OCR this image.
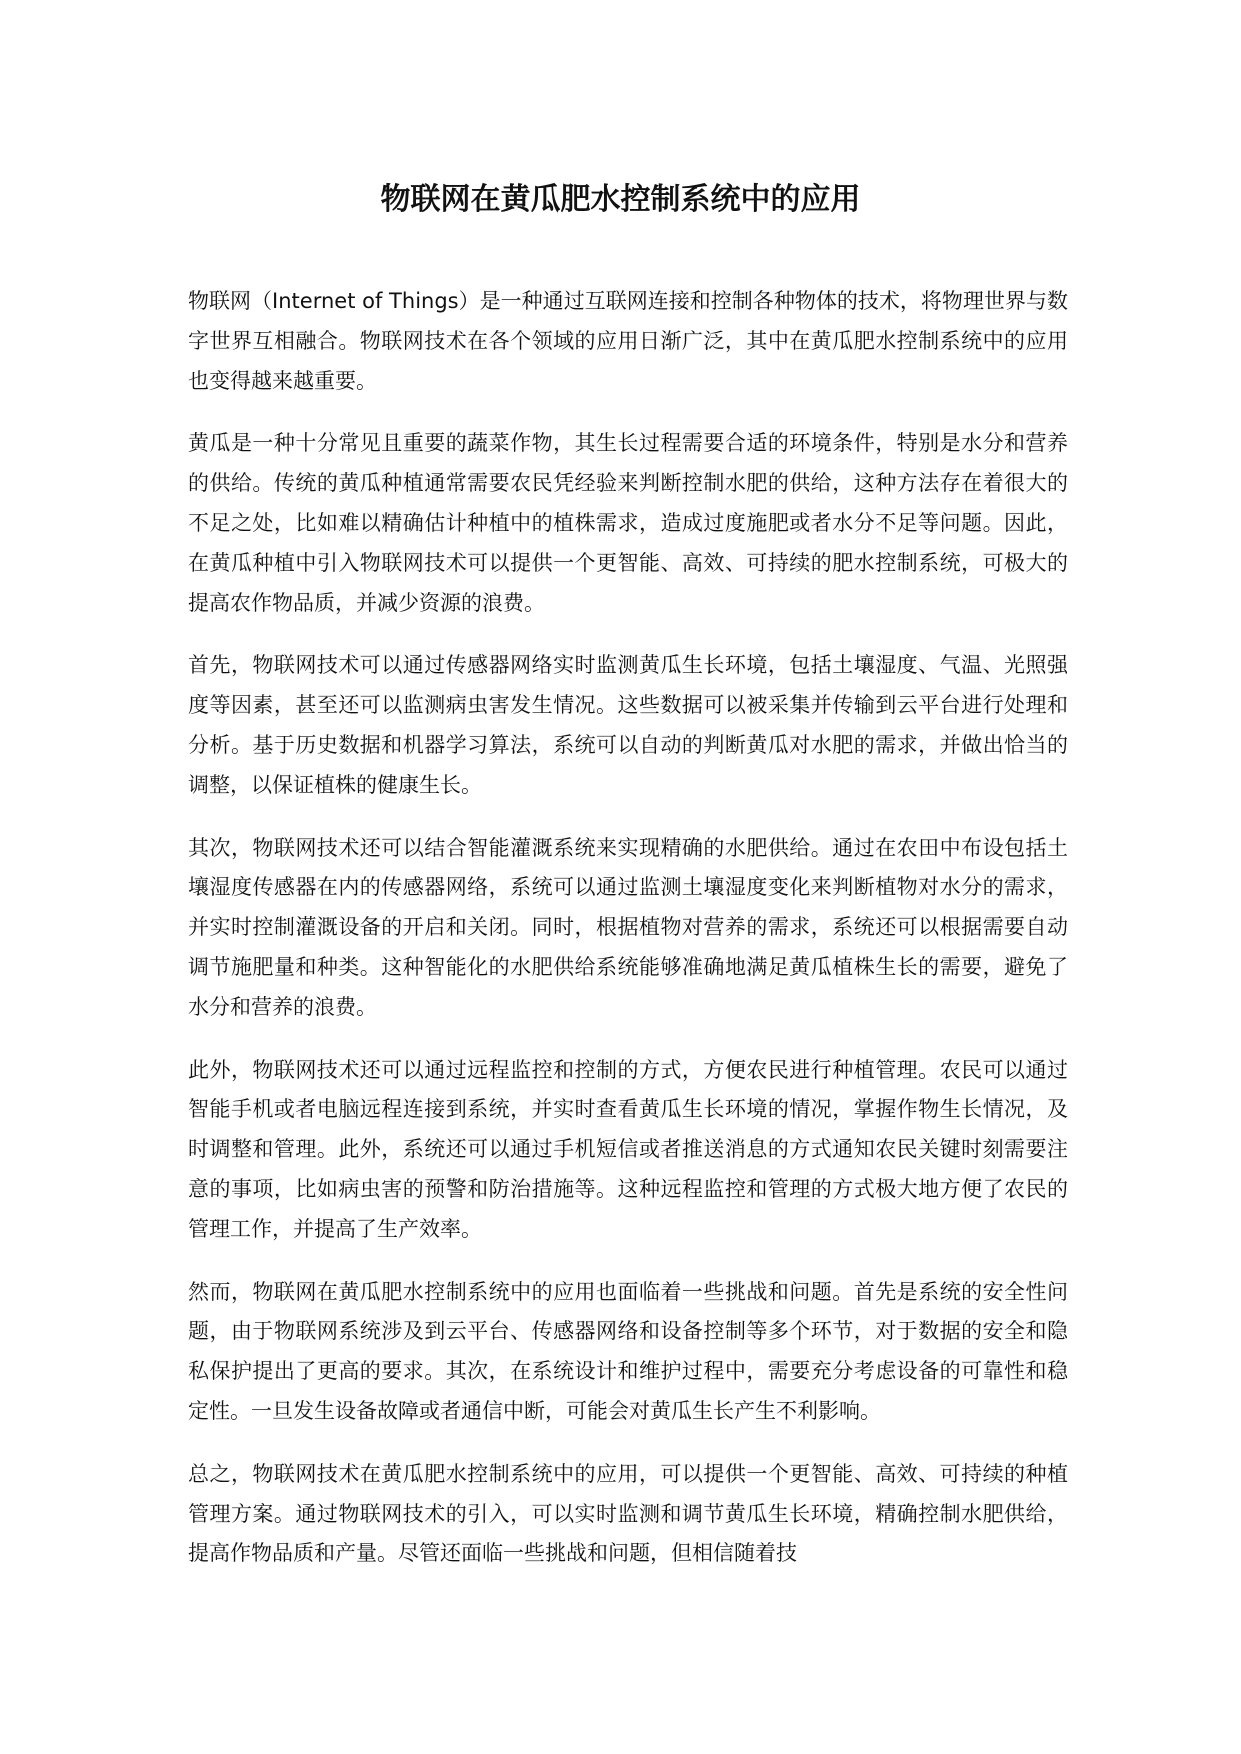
物联网在黄瓜肥水控制系统中的应用

物联网（Internet of Things）是一种通过互联网连接和控制各种物体的技术，将物理世界与数字世界互相融合。物联网技术在各个领域的应用日渐广泛，其中在黄瓜肥水控制系统中的应用也变得越来越重要。

黄瓜是一种十分常见且重要的蔬菜作物，其生长过程需要合适的环境条件，特别是水分和营养的供给。传统的黄瓜种植通常需要农民凭经验来判断控制水肥的供给，这种方法存在着很大的不足之处，比如难以精确估计种植中的植株需求，造成过度施肥或者水分不足等问题。因此，在黄瓜种植中引入物联网技术可以提供一个更智能、高效、可持续的肥水控制系统，可极大的提高农作物品质，并减少资源的浪费。

首先，物联网技术可以通过传感器网络实时监测黄瓜生长环境，包括土壤湿度、气温、光照强度等因素，甚至还可以监测病虫害发生情况。这些数据可以被采集并传输到云平台进行处理和分析。基于历史数据和机器学习算法，系统可以自动的判断黄瓜对水肥的需求，并做出恰当的调整，以保证植株的健康生长。

其次，物联网技术还可以结合智能灌溉系统来实现精确的水肥供给。通过在农田中布设包括土壤湿度传感器在内的传感器网络，系统可以通过监测土壤湿度变化来判断植物对水分的需求，并实时控制灌溉设备的开启和关闭。同时，根据植物对营养的需求，系统还可以根据需要自动调节施肥量和种类。这种智能化的水肥供给系统能够准确地满足黄瓜植株生长的需要，避免了水分和营养的浪费。

此外，物联网技术还可以通过远程监控和控制的方式，方便农民进行种植管理。农民可以通过智能手机或者电脑远程连接到系统，并实时查看黄瓜生长环境的情况，掌握作物生长情况，及时调整和管理。此外，系统还可以通过手机短信或者推送消息的方式通知农民关键时刻需要注意的事项，比如病虫害的预警和防治措施等。这种远程监控和管理的方式极大地方便了农民的管理工作，并提高了生产效率。

然而，物联网在黄瓜肥水控制系统中的应用也面临着一些挑战和问题。首先是系统的安全性问题，由于物联网系统涉及到云平台、传感器网络和设备控制等多个环节，对于数据的安全和隐私保护提出了更高的要求。其次，在系统设计和维护过程中，需要充分考虑设备的可靠性和稳定性。一旦发生设备故障或者通信中断，可能会对黄瓜生长产生不利影响。

总之，物联网技术在黄瓜肥水控制系统中的应用，可以提供一个更智能、高效、可持续的种植管理方案。通过物联网技术的引入，可以实时监测和调节黄瓜生长环境，精确控制水肥供给，提高作物品质和产量。尽管还面临一些挑战和问题，但相信随着技
